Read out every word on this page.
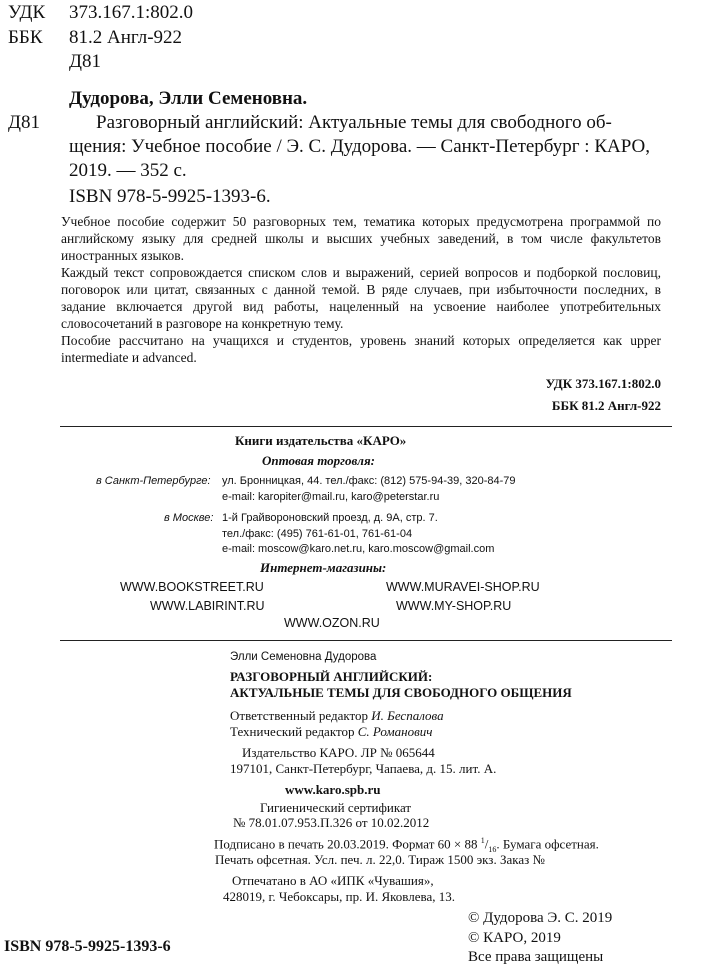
УДК 373.167.1:802.0
ББК 81.2 Англ-922
Д81
Дудорова, Элли Семеновна.
Д81	Разговорный английский: Актуальные темы для свободного об-
щения: Учебное пособие / Э. С. Дудорова. — Санкт-Петербург : КАРО,
2019. — 352 с.
ISBN 978-5-9925-1393-6.
Учебное пособие содержит 50 разговорных тем, тематика которых предусмотрена программой по английскому языку для средней школы и высших учебных заведений, в том числе факультетов иностранных языков.
Каждый текст сопровождается списком слов и выражений, серией вопросов и подборкой пословиц, поговорок или цитат, связанных с данной темой. В ряде случаев, при избыточности последних, в задание включается другой вид работы, нацеленный на усвоение наиболее употребительных словосочетаний в разговоре на конкретную тему.
Пособие рассчитано на учащихся и студентов, уровень знаний которых определяется как upper intermediate и advanced.
УДК 373.167.1:802.0
ББК 81.2 Англ-922
Книги издательства «КАРО»
Оптовая торговля:
в Санкт-Петербурге: ул. Бронницкая, 44. тел./факс: (812) 575-94-39, 320-84-79
e-mail: karopiter@mail.ru, karo@peterstar.ru
в Москве: 1-й Грайвороновский проезд, д. 9А, стр. 7.
тел./факс: (495) 761-61-01, 761-61-04
e-mail: moscow@karo.net.ru, karo.moscow@gmail.com
Интернет-магазины:
WWW.BOOKSTREET.RU	WWW.MURAVEI-SHOP.RU
WWW.LABIRINT.RU	WWW.MY-SHOP.RU
WWW.OZON.RU
Элли Семеновна Дудорова
РАЗГОВОРНЫЙ АНГЛИЙСКИЙ:
АКТУАЛЬНЫЕ ТЕМЫ ДЛЯ СВОБОДНОГО ОБЩЕНИЯ
Ответственный редактор И. Беспалова
Технический редактор С. Романович
Издательство КАРО. ЛР № 065644
197101, Санкт-Петербург, Чапаева, д. 15. лит. А.
www.karo.spb.ru
Гигиенический сертификат
№ 78.01.07.953.П.326 от 10.02.2012
Подписано в печать 20.03.2019. Формат 60 × 88 $^1/_{16}$. Бумага офсетная.
Печать офсетная. Усл. печ. л. 22,0. Тираж 1500 экз. Заказ №
Отпечатано в АО «ИПК «Чувашия»,
428019, г. Чебоксары, пр. И. Яковлева, 13.
ISBN 978-5-9925-1393-6
© Дудорова Э. С. 2019
© КАРО, 2019
Все права защищены
